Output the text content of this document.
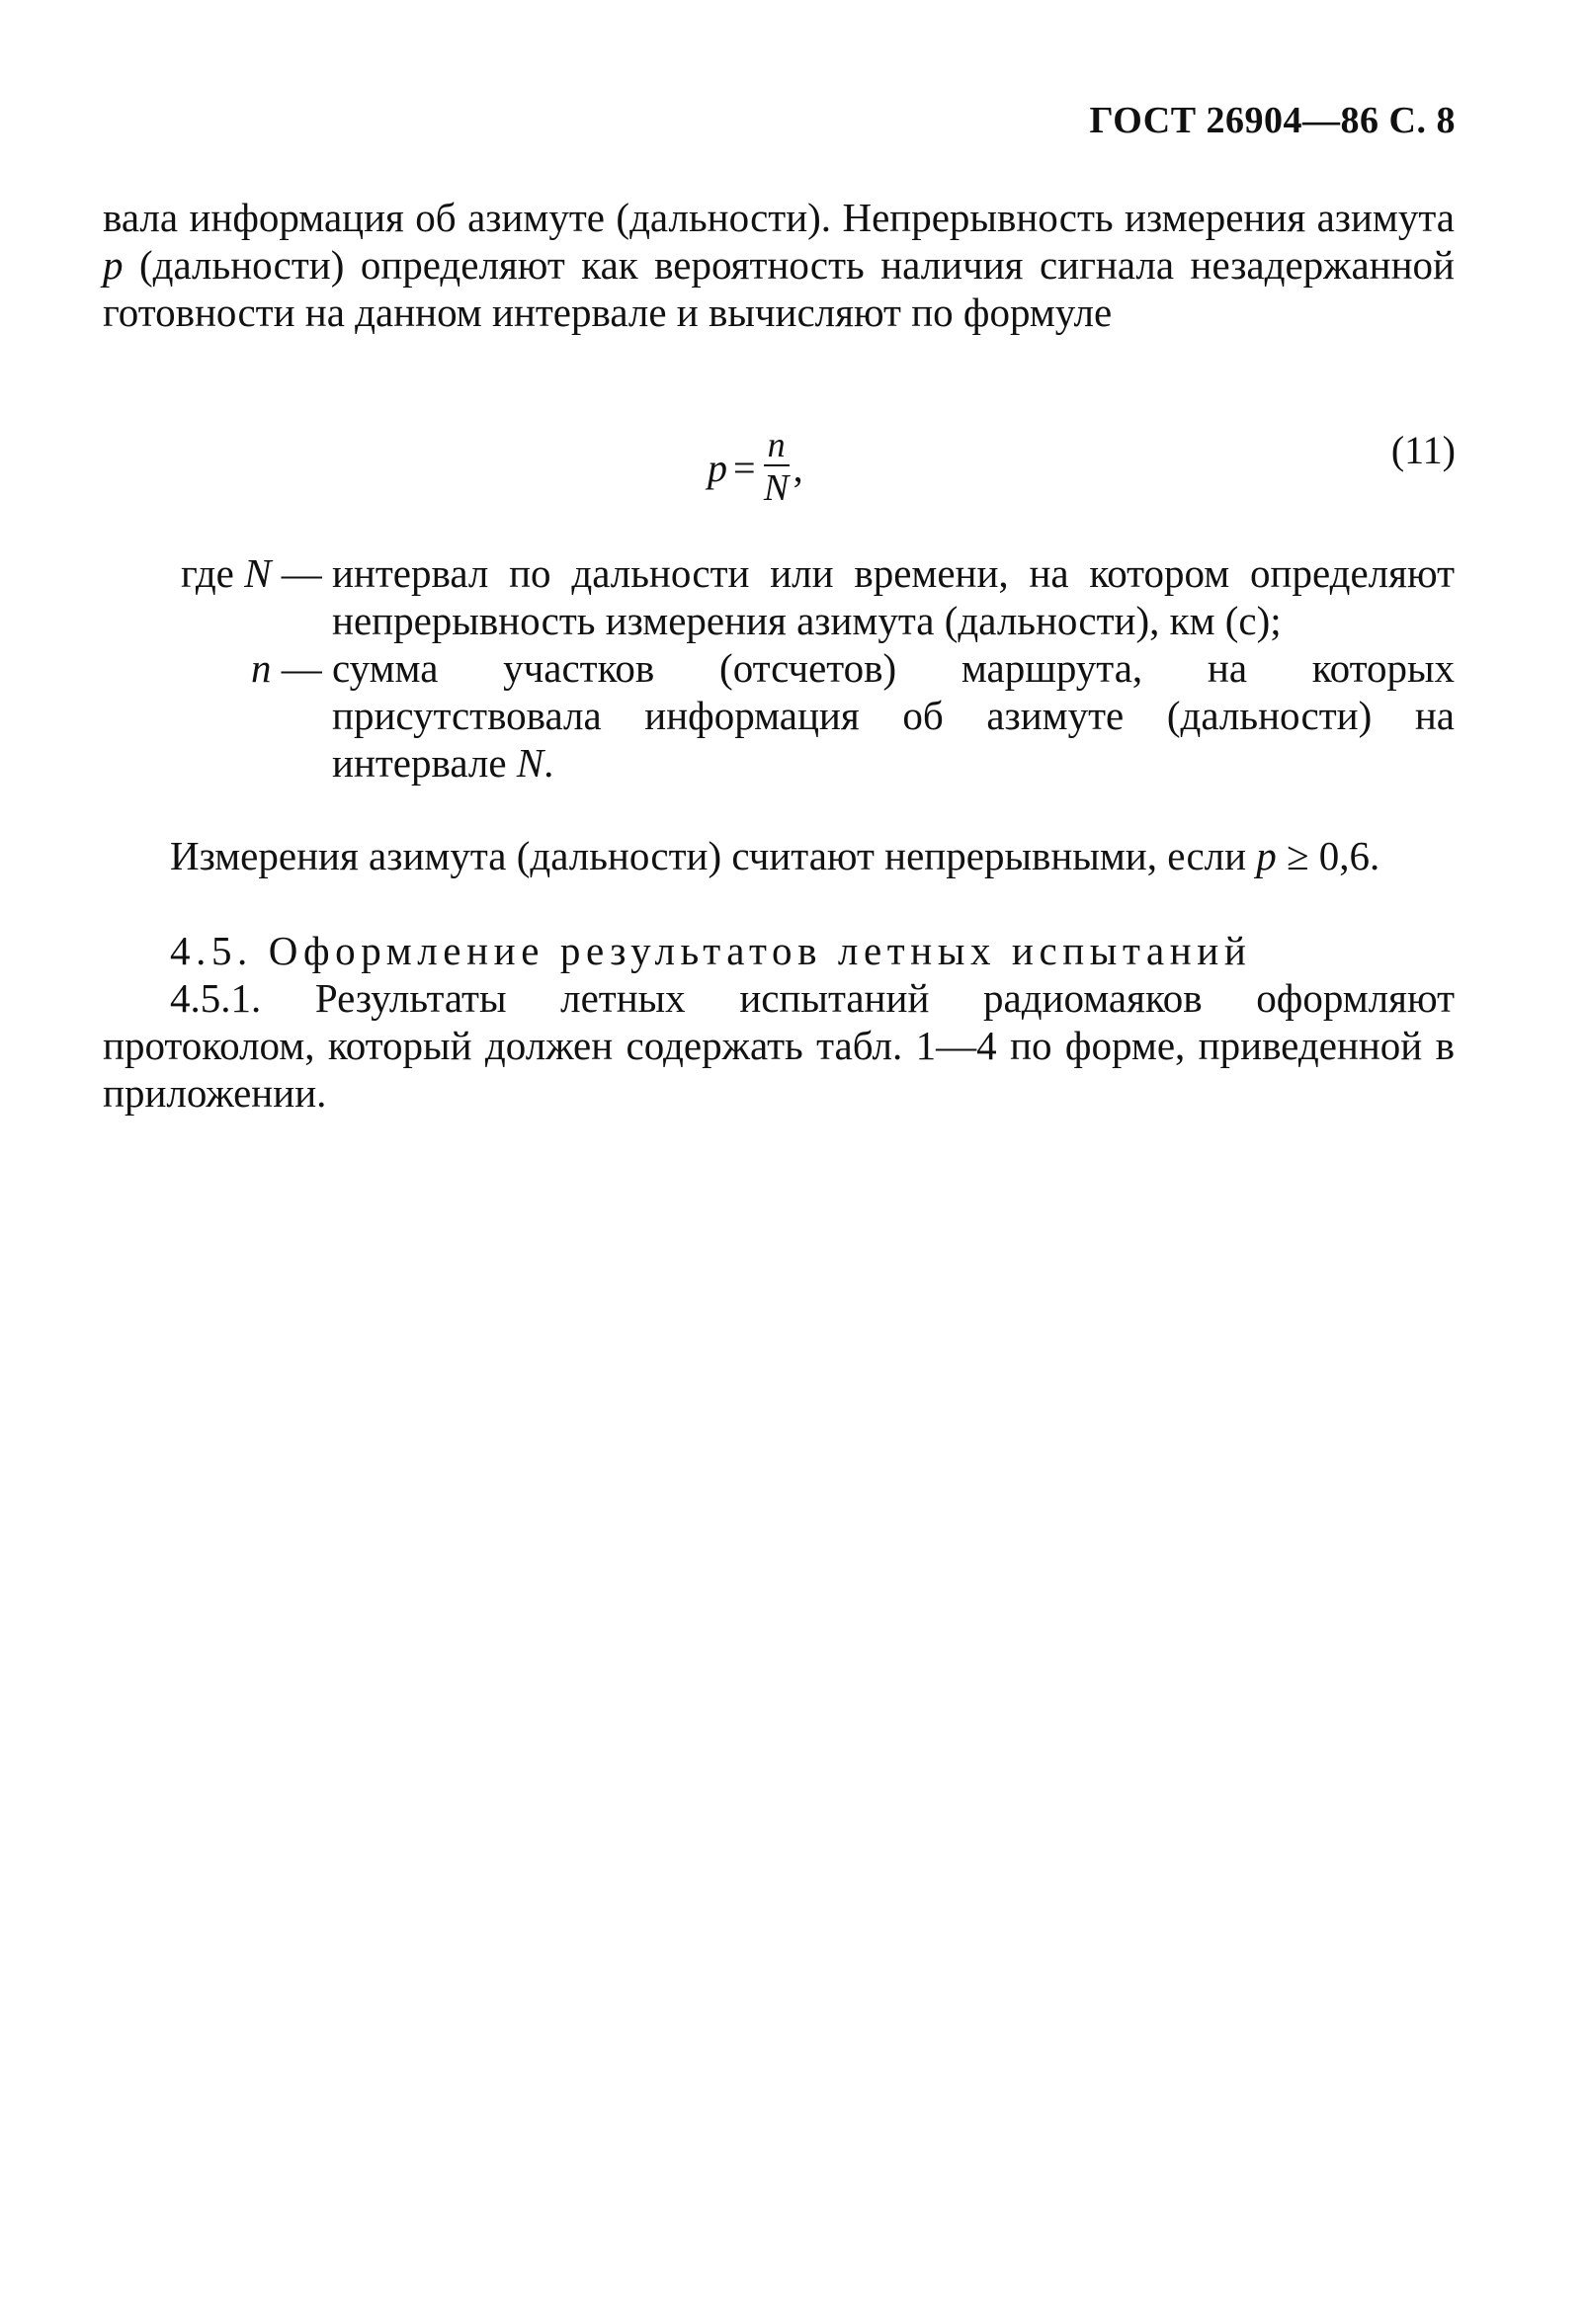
ГОСТ 26904—86 С. 8
вала информация об азимуте (дальности). Непрерывность измерения азимута p (дальности) определяют как вероятность наличия сигнала незадержанной готовности на данном интервале и вычисляют по формуле
$p = \frac{n}{N}$ ,	(11)
где N — интервал по дальности или времени, на котором определяют непрерывность измерения азимута (дальности), км (с);
n — сумма участков (отсчетов) маршрута, на которых присутствовала информация об азимуте (дальности) на интервале N.
Измерения азимута (дальности) считают непрерывными, если p ≥ 0,6.
4.5. Оформление результатов летных испытаний
4.5.1. Результаты летных испытаний радиомаяков оформляют протоколом, который должен содержать табл. 1—4 по форме, приведенной в приложении.
